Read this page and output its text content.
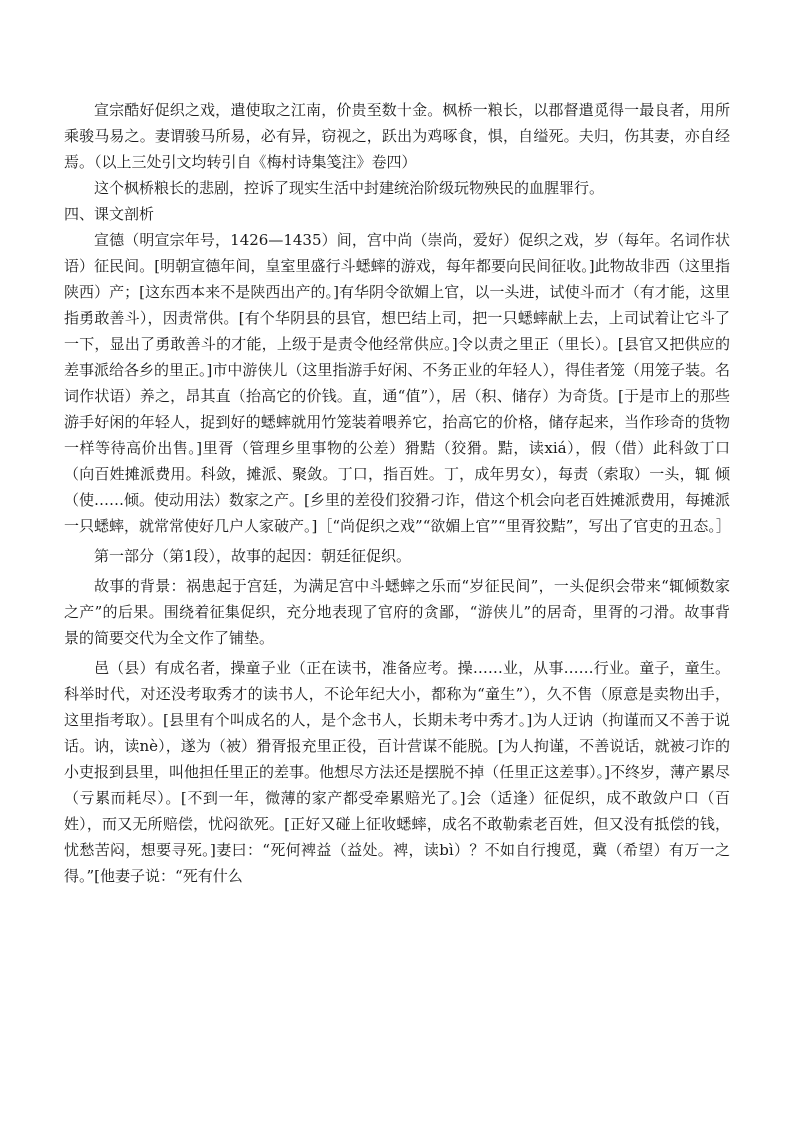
宣宗酷好促织之戏，遣使取之江南，价贵至数十金。枫桥一粮长，以郡督遣觅得一最良者，用所乘骏马易之。妻谓骏马所易，必有异，窃视之，跃出为鸡啄食，惧，自缢死。夫归，伤其妻，亦自经焉。（以上三处引文均转引自《梅村诗集笺注》卷四）

这个枫桥粮长的悲剧，控诉了现实生活中封建统治阶级玩物殃民的血腥罪行。

四、课文剖析

宣德（明宣宗年号，1426—1435）间，宫中尚（崇尚，爱好）促织之戏，岁（每年。名词作状语）征民间。[明朝宣德年间，皇室里盛行斗蟋蟀的游戏，每年都要向民间征收。]此物故非西（这里指陕西）产；[这东西本来不是陕西出产的。]有华阴令欲媚上官，以一头进，试使斗而才（有才能，这里指勇敢善斗），因责常供。[有个华阴县的县官，想巴结上司，把一只蟋蟀献上去，上司试着让它斗了一下，显出了勇敢善斗的才能，上级于是责令他经常供应。]令以责之里正（里长）。[县官又把供应的差事派给各乡的里正。]市中游侠儿（这里指游手好闲、不务正业的年轻人），得佳者笼（用笼子装。名词作状语）养之，昂其直（抬高它的价钱。直，通“值”），居（积、储存）为奇货。[于是市上的那些游手好闲的年轻人，捉到好的蟋蟀就用竹笼装着喂养它，抬高它的价格，储存起来，当作珍奇的货物一样等待高价出售。]里胥（管理乡里事物的公差）猾黠（狡猾。黠，读xiá），假（借）此科敛丁口（向百姓摊派费用。科敛，摊派、聚敛。丁口，指百姓。丁，成年男女），每责（索取）一头，辄 倾（使……倾。使动用法）数家之产。[乡里的差役们狡猾刁诈，借这个机会向老百姓摊派费用，每摊派一只蟋蟀，就常常使好几户人家破产。]［“尚促织之戏”“欲媚上官”“里胥狡黠”，写出了官吏的丑态。］

第一部分（第1段），故事的起因：朝廷征促织。

故事的背景：祸患起于宫廷，为满足宫中斗蟋蟀之乐而“岁征民间”，一头促织会带来“辄倾数家之产”的后果。围绕着征集促织，充分地表现了官府的贪鄙，“游侠儿”的居奇，里胥的刁滑。故事背景的简要交代为全文作了铺垫。

邑（县）有成名者，操童子业（正在读书，准备应考。操……业，从事……行业。童子，童生。科举时代，对还没考取秀才的读书人，不论年纪大小，都称为“童生”），久不售（原意是卖物出手，这里指考取）。[县里有个叫成名的人，是个念书人，长期未考中秀才。]为人迂讷（拘谨而又不善于说话。讷，读nè），遂为（被）猾胥报充里正役，百计营谋不能脱。[为人拘谨，不善说话，就被刁诈的小吏报到县里，叫他担任里正的差事。他想尽方法还是摆脱不掉（任里正这差事）。]不终岁，薄产累尽（亏累而耗尽）。[不到一年，微薄的家产都受牵累赔光了。]会（适逢）征促织，成不敢敛户口（百姓），而又无所赔偿，忧闷欲死。[正好又碰上征收蟋蟀，成名不敢勒索老百姓，但又没有抵偿的钱，忧愁苦闷，想要寻死。]妻曰：“死何裨益（益处。裨，读bì）？不如自行搜觅，冀（希望）有万一之得。”[他妻子说：“死有什么
